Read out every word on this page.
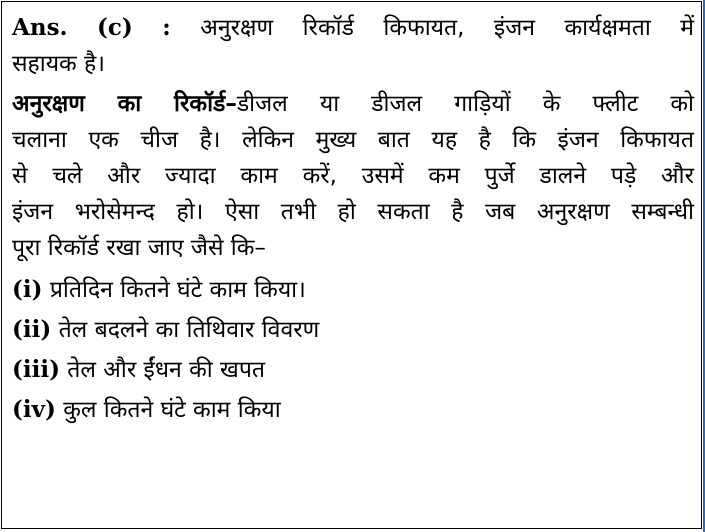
Ans. (c) : अनुरक्षण रिकॉर्ड किफायत, इंजन कार्यक्षमता में
सहायक है।
अनुरक्षण का रिकॉर्ड–डीजल या डीजल गाड़ियों के फ्लीट को
चलाना एक चीज है। लेकिन मुख्य बात यह है कि इंजन किफायत
से चले और ज्यादा काम करें, उसमें कम पुर्जे डालने पड़े और
इंजन भरोसेमन्द हो। ऐसा तभी हो सकता है जब अनुरक्षण सम्बन्धी
पूरा रिकॉर्ड रखा जाए जैसे कि–
(i) प्रतिदिन कितने घंटे काम किया।
(ii) तेल बदलने का तिथिवार विवरण
(iii) तेल और ईंधन की खपत
(iv) कुल कितने घंटे काम किया
